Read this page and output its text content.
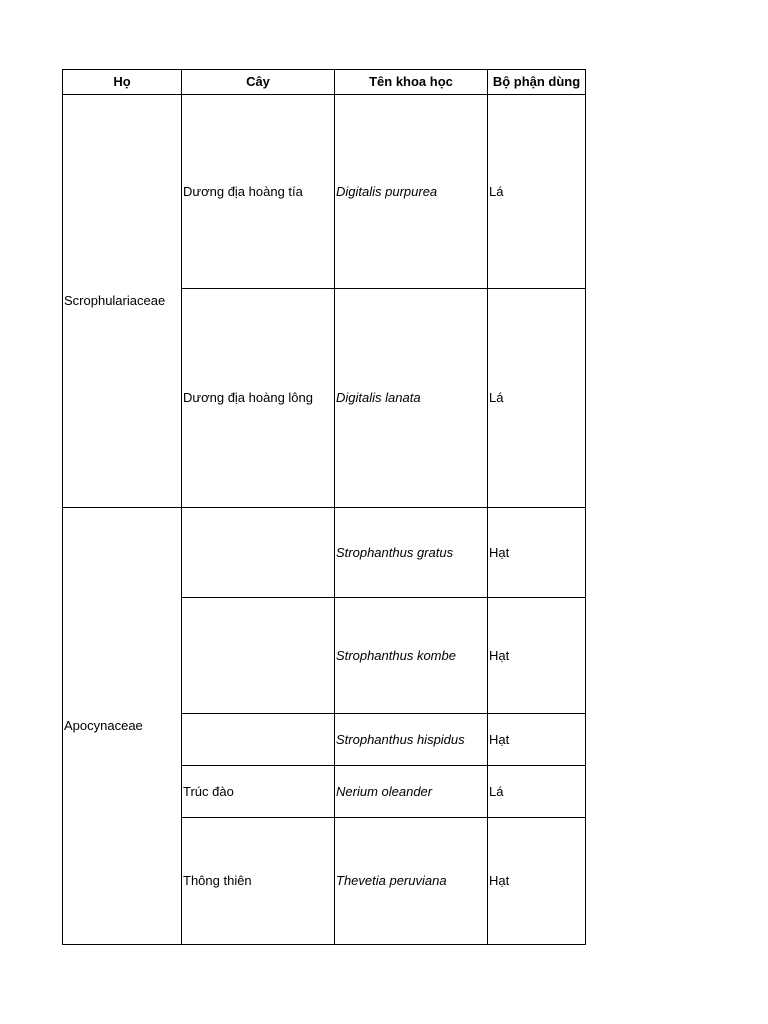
Họ	Cây	Tên khoa học	Bộ phận dùng
Scrophulariaceae	Dương địa hoàng tía	Digitalis purpurea	Lá
	Dương địa hoàng lông	Digitalis lanata	Lá
Apocynaceae		Strophanthus gratus	Hạt
		Strophanthus kombe	Hạt
		Strophanthus hispidus	Hạt
	Trúc đào	Nerium oleander	Lá
	Thông thiên	Thevetia peruviana	Hạt
